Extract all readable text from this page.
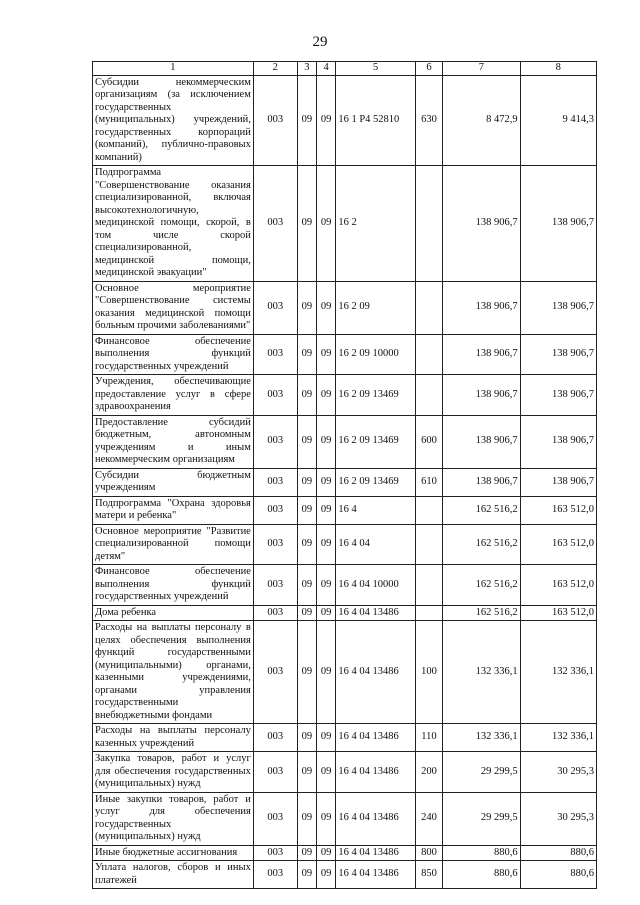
29
1	2	3	4	5	6	7	8
Субсидии некоммерческим организациям (за исключением государственных (муниципальных) учреждений, государственных корпораций (компаний), публично-правовых компаний)	003	09	09	16 1 P4 52810	630	8 472,9	9 414,3
Подпрограмма "Совершенствование оказания специализированной, включая высокотехнологичную, медицинской помощи, скорой, в том числе скорой специализированной, медицинской помощи, медицинской эвакуации"	003	09	09	16 2		138 906,7	138 906,7
Основное мероприятие "Совершенствование системы оказания медицинской помощи больным прочими заболеваниями"	003	09	09	16 2 09		138 906,7	138 906,7
Финансовое обеспечение выполнения функций государственных учреждений	003	09	09	16 2 09 10000		138 906,7	138 906,7
Учреждения, обеспечивающие предоставление услуг в сфере здравоохранения	003	09	09	16 2 09 13469		138 906,7	138 906,7
Предоставление субсидий бюджетным, автономным учреждениям и иным некоммерческим организациям	003	09	09	16 2 09 13469	600	138 906,7	138 906,7
Субсидии бюджетным учреждениям	003	09	09	16 2 09 13469	610	138 906,7	138 906,7
Подпрограмма "Охрана здоровья матери и ребенка"	003	09	09	16 4		162 516,2	163 512,0
Основное мероприятие "Развитие специализированной помощи детям"	003	09	09	16 4 04		162 516,2	163 512,0
Финансовое обеспечение выполнения функций государственных учреждений	003	09	09	16 4 04 10000		162 516,2	163 512,0
Дома ребенка	003	09	09	16 4 04 13486		162 516,2	163 512,0
Расходы на выплаты персоналу в целях обеспечения выполнения функций государственными (муниципальными) органами, казенными учреждениями, органами управления государственными внебюджетными фондами	003	09	09	16 4 04 13486	100	132 336,1	132 336,1
Расходы на выплаты персоналу казенных учреждений	003	09	09	16 4 04 13486	110	132 336,1	132 336,1
Закупка товаров, работ и услуг для обеспечения государственных (муниципальных) нужд	003	09	09	16 4 04 13486	200	29 299,5	30 295,3
Иные закупки товаров, работ и услуг для обеспечения государственных (муниципальных) нужд	003	09	09	16 4 04 13486	240	29 299,5	30 295,3
Иные бюджетные ассигнования	003	09	09	16 4 04 13486	800	880,6	880,6
Уплата налогов, сборов и иных платежей	003	09	09	16 4 04 13486	850	880,6	880,6
